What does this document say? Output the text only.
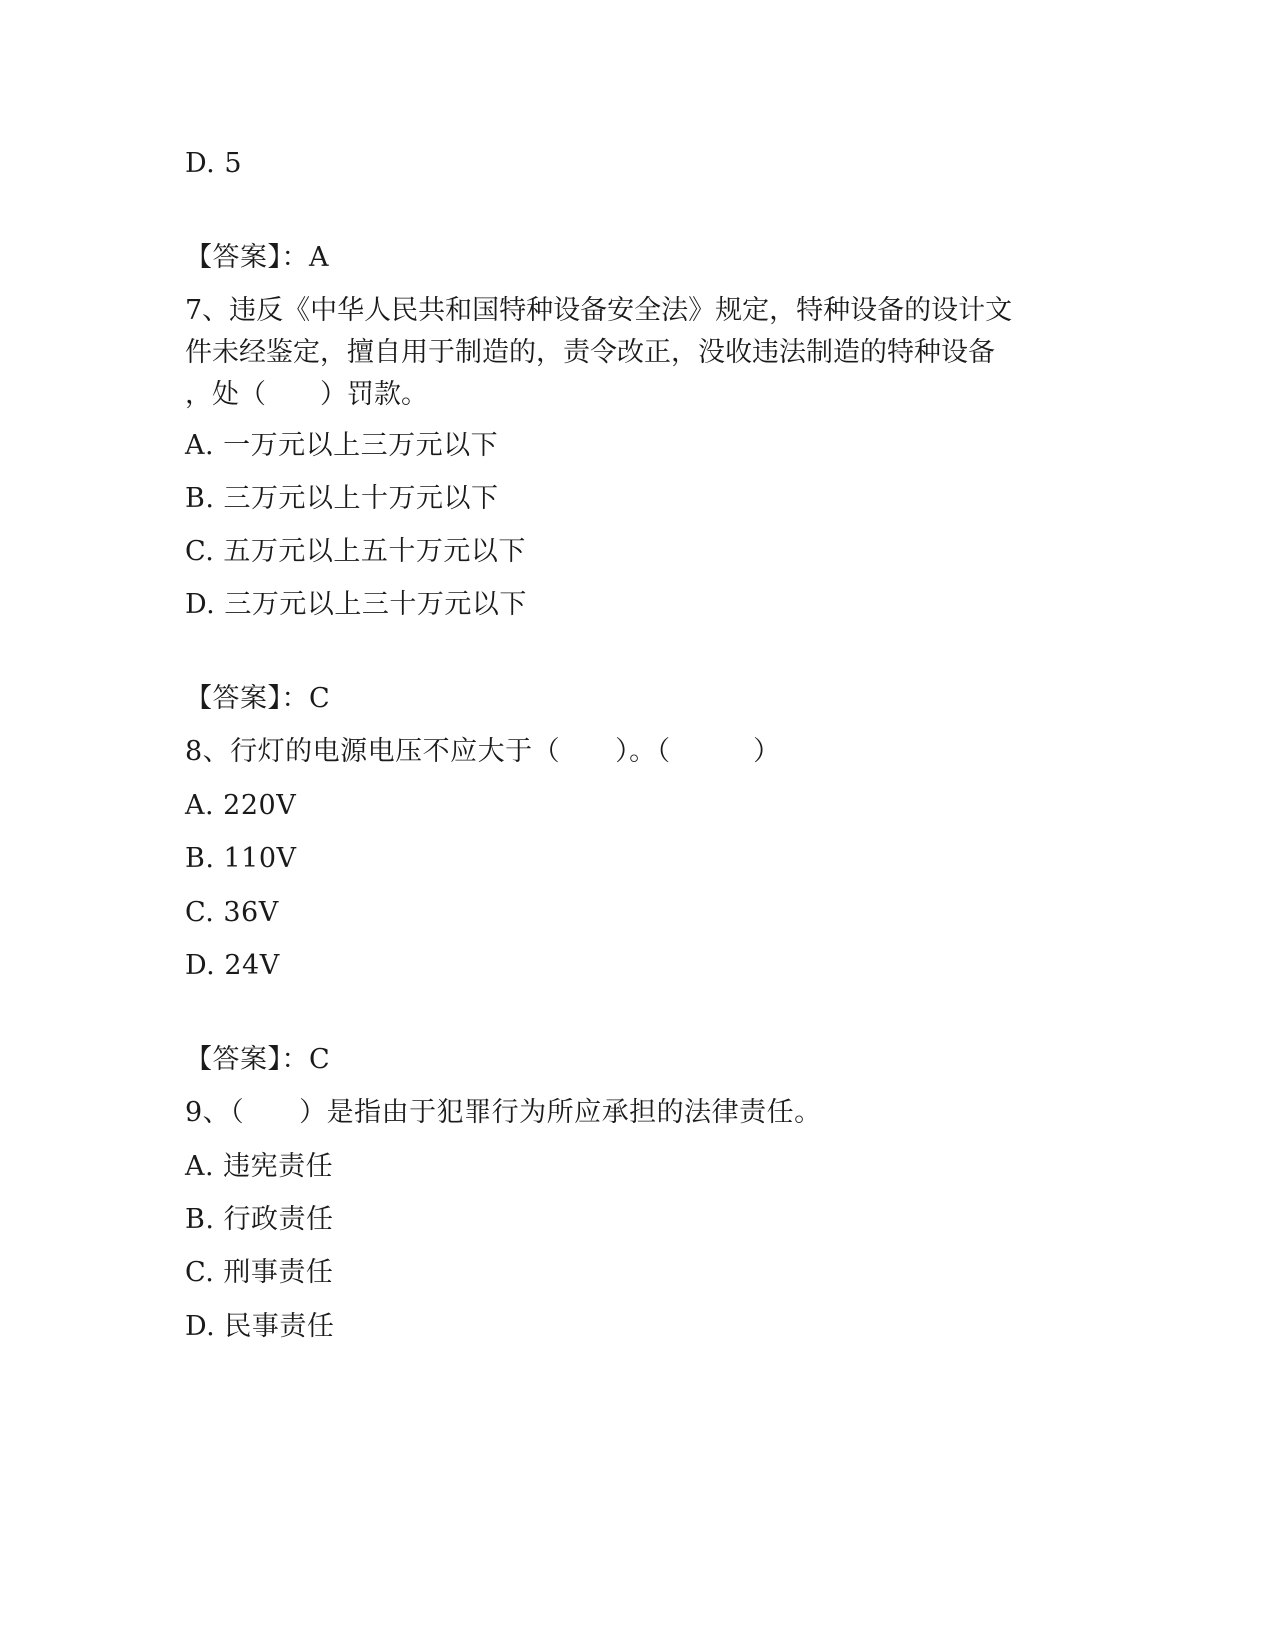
D. 5
【答案】：A
7、违反《中华人民共和国特种设备安全法》规定，特种设备的设计文
件未经鉴定，擅自用于制造的，责令改正，没收违法制造的特种设备
，处（　　）罚款。
A. 一万元以上三万元以下
B. 三万元以上十万元以下
C. 五万元以上五十万元以下
D. 三万元以上三十万元以下
【答案】：C
8、行灯的电源电压不应大于（　　）。（　　　）
A. 220V
B. 110V
C. 36V
D. 24V
【答案】：C
9、（　　）是指由于犯罪行为所应承担的法律责任。
A. 违宪责任
B. 行政责任
C. 刑事责任
D. 民事责任
